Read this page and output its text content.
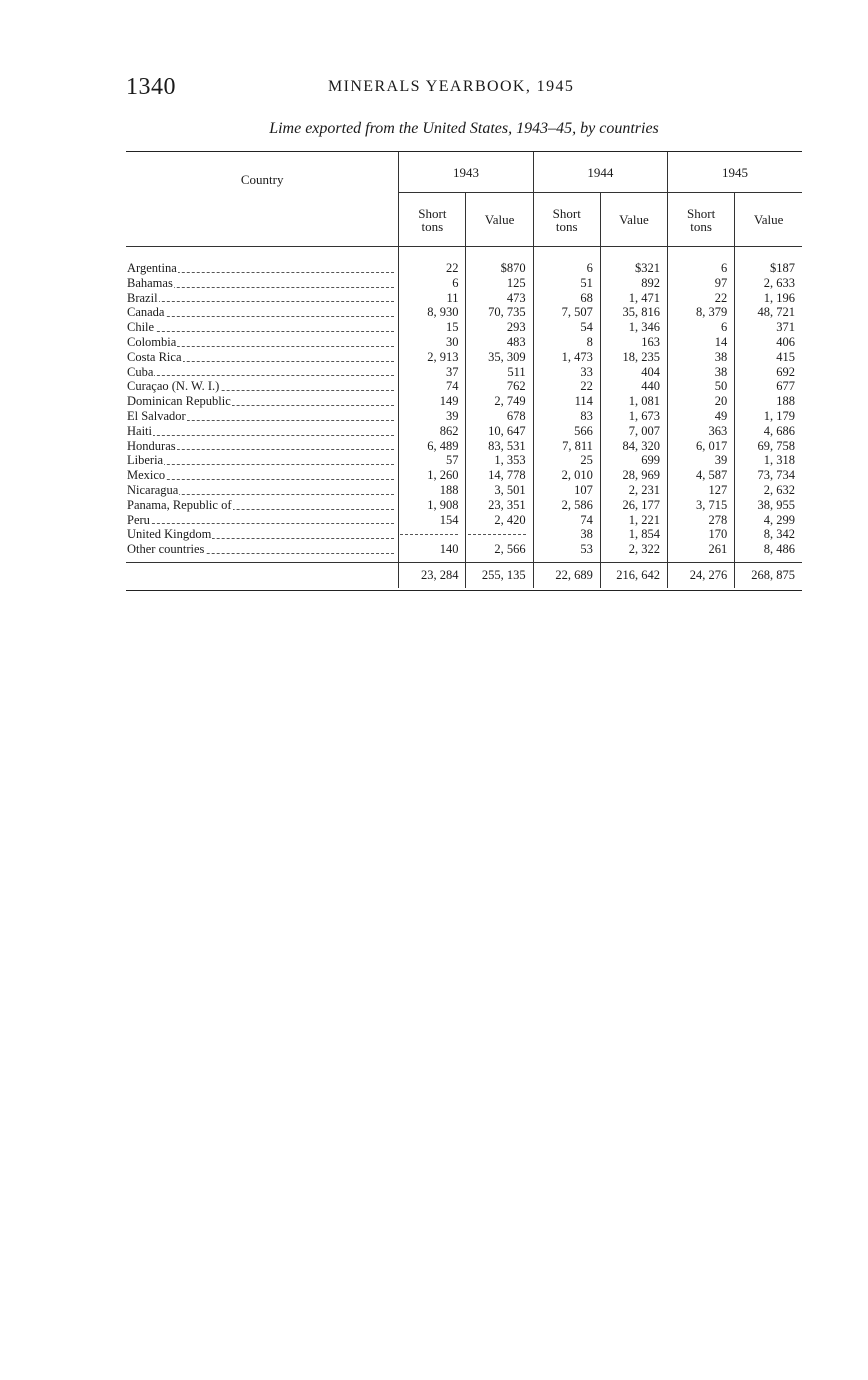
1340	MINERALS YEARBOOK, 1945
Lime exported from the United States, 1943–45, by countries
Country	1943		1944		1945	
	Short tons	Value	Short tons	Value	Short tons	Value

Argentina	22	$870	6	$321	6	$187

Bahamas	6	125	51	892	97	2, 633

Brazil	11	473	68	1, 471	22	1, 196

Canada	8, 930	70, 735	7, 507	35, 816	8, 379	48, 721

Chile	15	293	54	1, 346	6	371

Colombia	30	483	8	163	14	406

Costa Rica	2, 913	35, 309	1, 473	18, 235	38	415

Cuba	37	511	33	404	38	692

Curaçao (N. W. I.)	74	762	22	440	50	677

Dominican Republic	149	2, 749	114	1, 081	20	188

El Salvador	39	678	83	1, 673	49	1, 179

Haiti	862	10, 647	566	7, 007	363	4, 686

Honduras	6, 489	83, 531	7, 811	84, 320	6, 017	69, 758

Liberia	57	1, 353	25	699	39	1, 318

Mexico	1, 260	14, 778	2, 010	28, 969	4, 587	73, 734

Nicaragua	188	3, 501	107	2, 231	127	2, 632

Panama, Republic of	1, 908	23, 351	2, 586	26, 177	3, 715	38, 955

Peru	154	2, 420	74	1, 221	278	4, 299

United Kingdom			38	1, 854	170	8, 342

Other countries	140	2, 566	53	2, 322	261	8, 486
	23, 284	255, 135	22, 689	216, 642	24, 276	268, 875
